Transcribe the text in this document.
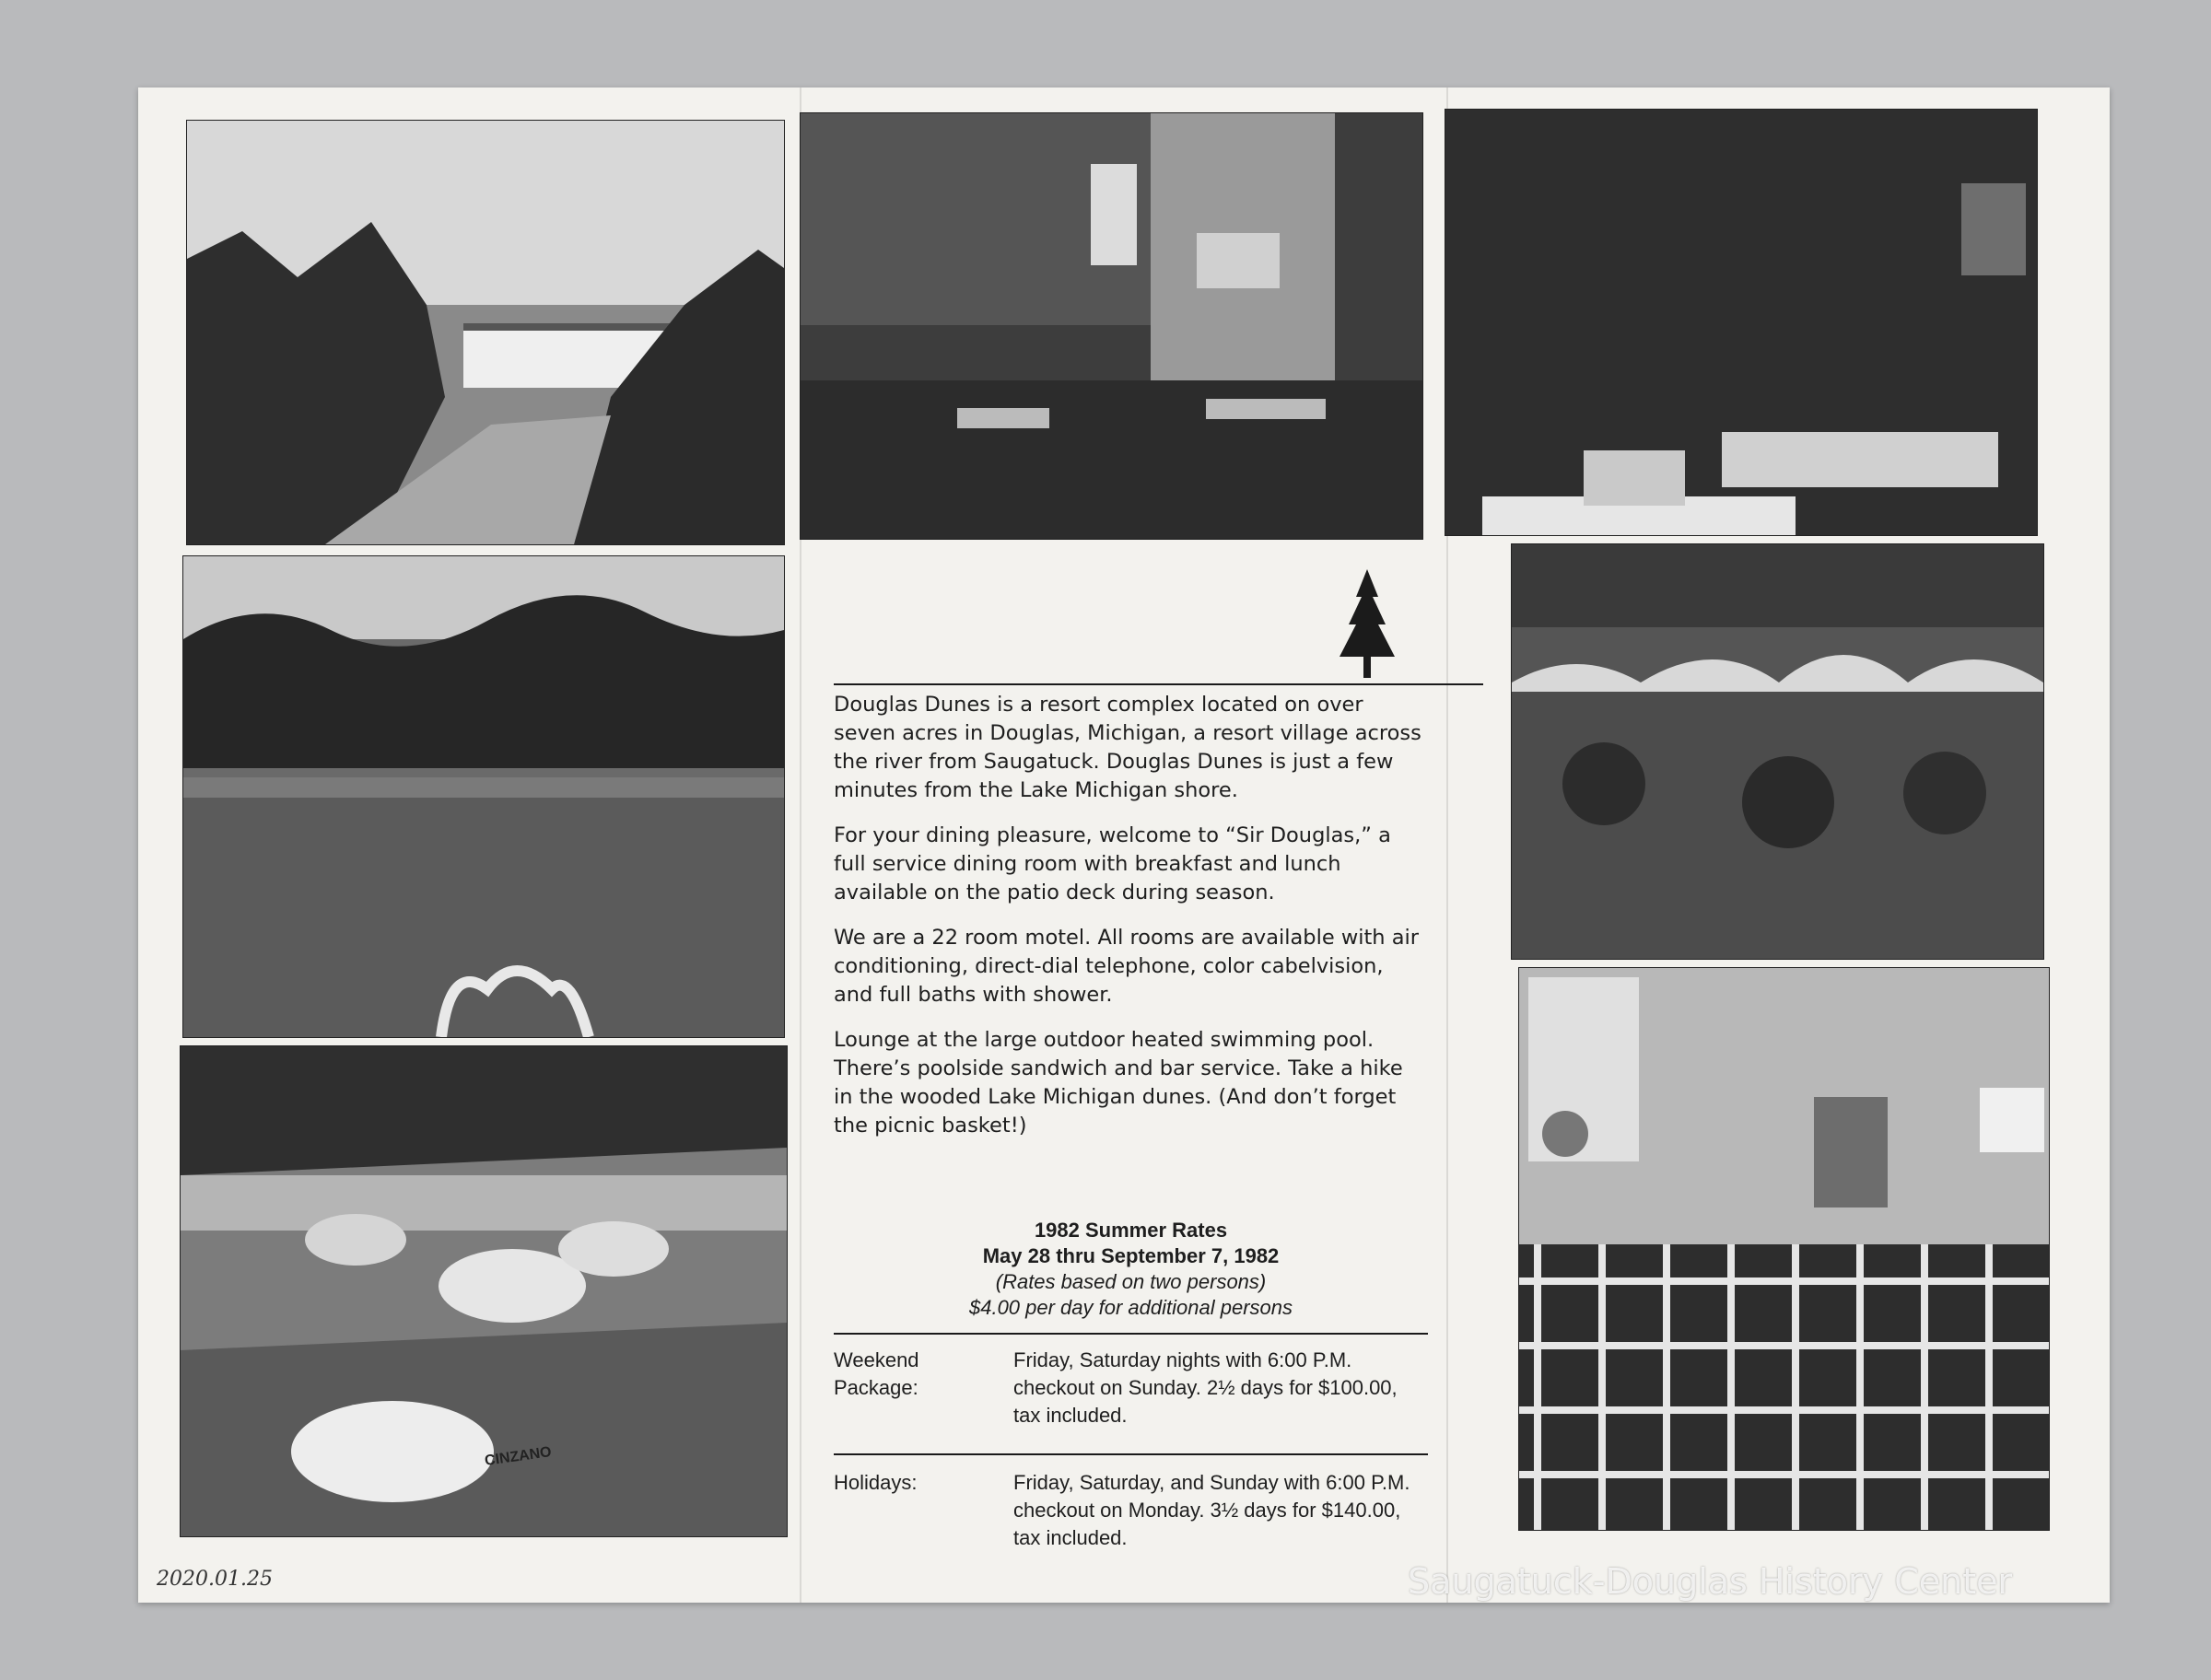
CINZANO

Douglas Dunes is a resort complex located on over seven acres in Douglas, Michigan, a resort village across the river from Saugatuck. Douglas Dunes is just a few minutes from the Lake Michigan shore.

For your dining pleasure, welcome to “Sir Douglas,” a full service dining room with breakfast and lunch available on the patio deck during season.

We are a 22 room motel. All rooms are available with air conditioning, direct-dial telephone, color cabelvision, and full baths with shower.

Lounge at the large outdoor heated swimming pool. There’s poolside sandwich and bar service. Take a hike in the wooded Lake Michigan dunes. (And don’t forget the picnic basket!)

1982 Summer Rates
May 28 thru September 7, 1982
(Rates based on two persons)
$4.00 per day for additional persons
Weekend Package:
Friday, Saturday nights with 6:00 P.M. checkout on Sunday. 2½ days for $100.00, tax included.
Holidays:	Friday, Saturday, and Sunday with 6:00 P.M. checkout on Monday. 3½ days for $140.00, tax included.
2020.01.25	Saugatuck-Douglas History Center
